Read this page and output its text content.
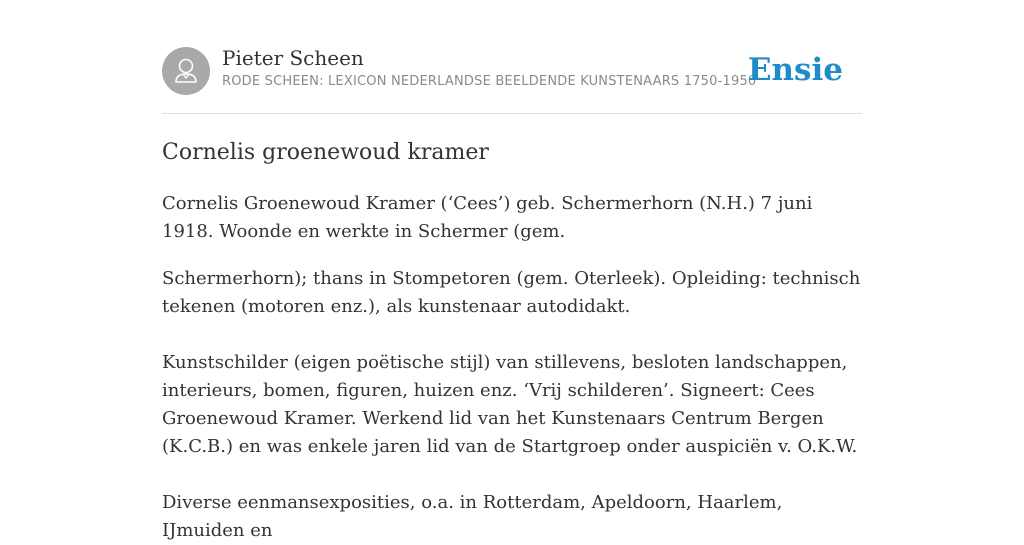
Pieter Scheen
RODE SCHEEN: LEXICON NEDERLANDSE BEELDENDE KUNSTENAARS 1750-1950
Ensie
Cornelis groenewoud kramer

Cornelis Groenewoud Kramer (‘Cees’) geb. Schermerhorn (N.H.) 7 juni 1918. Woonde en werkte in Schermer (gem.

Schermerhorn); thans in Stompetoren (gem. Oterleek). Opleiding: technisch tekenen (motoren enz.), als kunstenaar autodidakt.

Kunstschilder (eigen poëtische stijl) van stillevens, besloten landschappen, interieurs, bomen, figuren, huizen enz. ‘Vrij schilderen’. Signeert: Cees Groenewoud Kramer. Werkend lid van het Kunstenaars Centrum Bergen (K.C.B.) en was enkele jaren lid van de Startgroep onder auspiciën v. O.K.W.

Diverse eenmansexposities, o.a. in Rotterdam, Apeldoorn, Haarlem, IJmuiden en
